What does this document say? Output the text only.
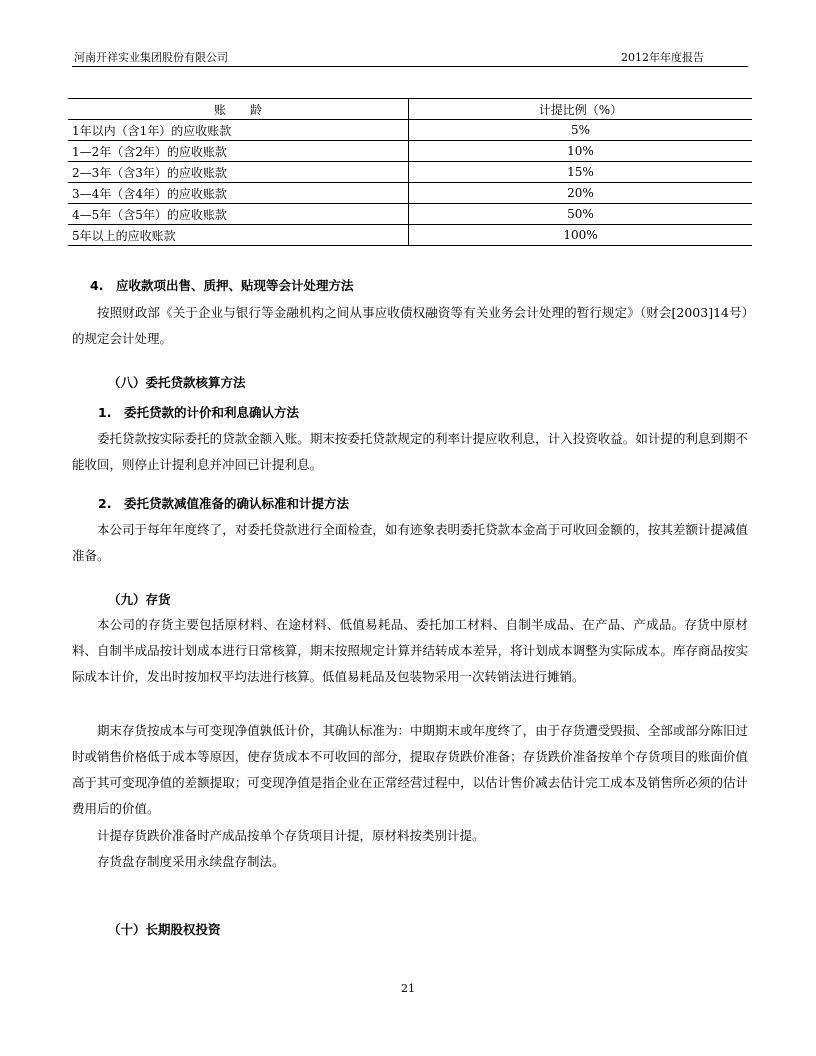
河南开祥实业集团股份有限公司	2012年年度报告
账　　龄	计提比例（%）
1年以内（含1年）的应收账款	5%
1—2年（含2年）的应收账款	10%
2—3年（含3年）的应收账款	15%
3—4年（含4年）的应收账款	20%
4—5年（含5年）的应收账款	50%
5年以上的应收账款	100%
4.　应收款项出售、质押、贴现等会计处理方法

按照财政部《关于企业与银行等金融机构之间从事应收债权融资等有关业务会计处理的暂行规定》（财会[2003]14号）的规定会计处理。

（八）委托贷款核算方法
1.　委托贷款的计价和利息确认方法

委托贷款按实际委托的贷款金额入账。期末按委托贷款规定的利率计提应收利息，计入投资收益。如计提的利息到期不能收回，则停止计提利息并冲回已计提利息。

2.　委托贷款减值准备的确认标准和计提方法

本公司于每年年度终了，对委托贷款进行全面检查，如有迹象表明委托贷款本金高于可收回金额的，按其差额计提减值准备。

（九）存货

本公司的存货主要包括原材料、在途材料、低值易耗品、委托加工材料、自制半成品、在产品、产成品。存货中原材料、自制半成品按计划成本进行日常核算，期末按照规定计算并结转成本差异，将计划成本调整为实际成本。库存商品按实际成本计价，发出时按加权平均法进行核算。低值易耗品及包装物采用一次转销法进行摊销。

期末存货按成本与可变现净值孰低计价，其确认标准为：中期期末或年度终了，由于存货遭受毁损、全部或部分陈旧过时或销售价格低于成本等原因，使存货成本不可收回的部分，提取存货跌价准备；存货跌价准备按单个存货项目的账面价值高于其可变现净值的差额提取；可变现净值是指企业在正常经营过程中，以估计售价减去估计完工成本及销售所必须的估计费用后的价值。

计提存货跌价准备时产成品按单个存货项目计提，原材料按类别计提。

存货盘存制度采用永续盘存制法。

（十）长期股权投资
21
